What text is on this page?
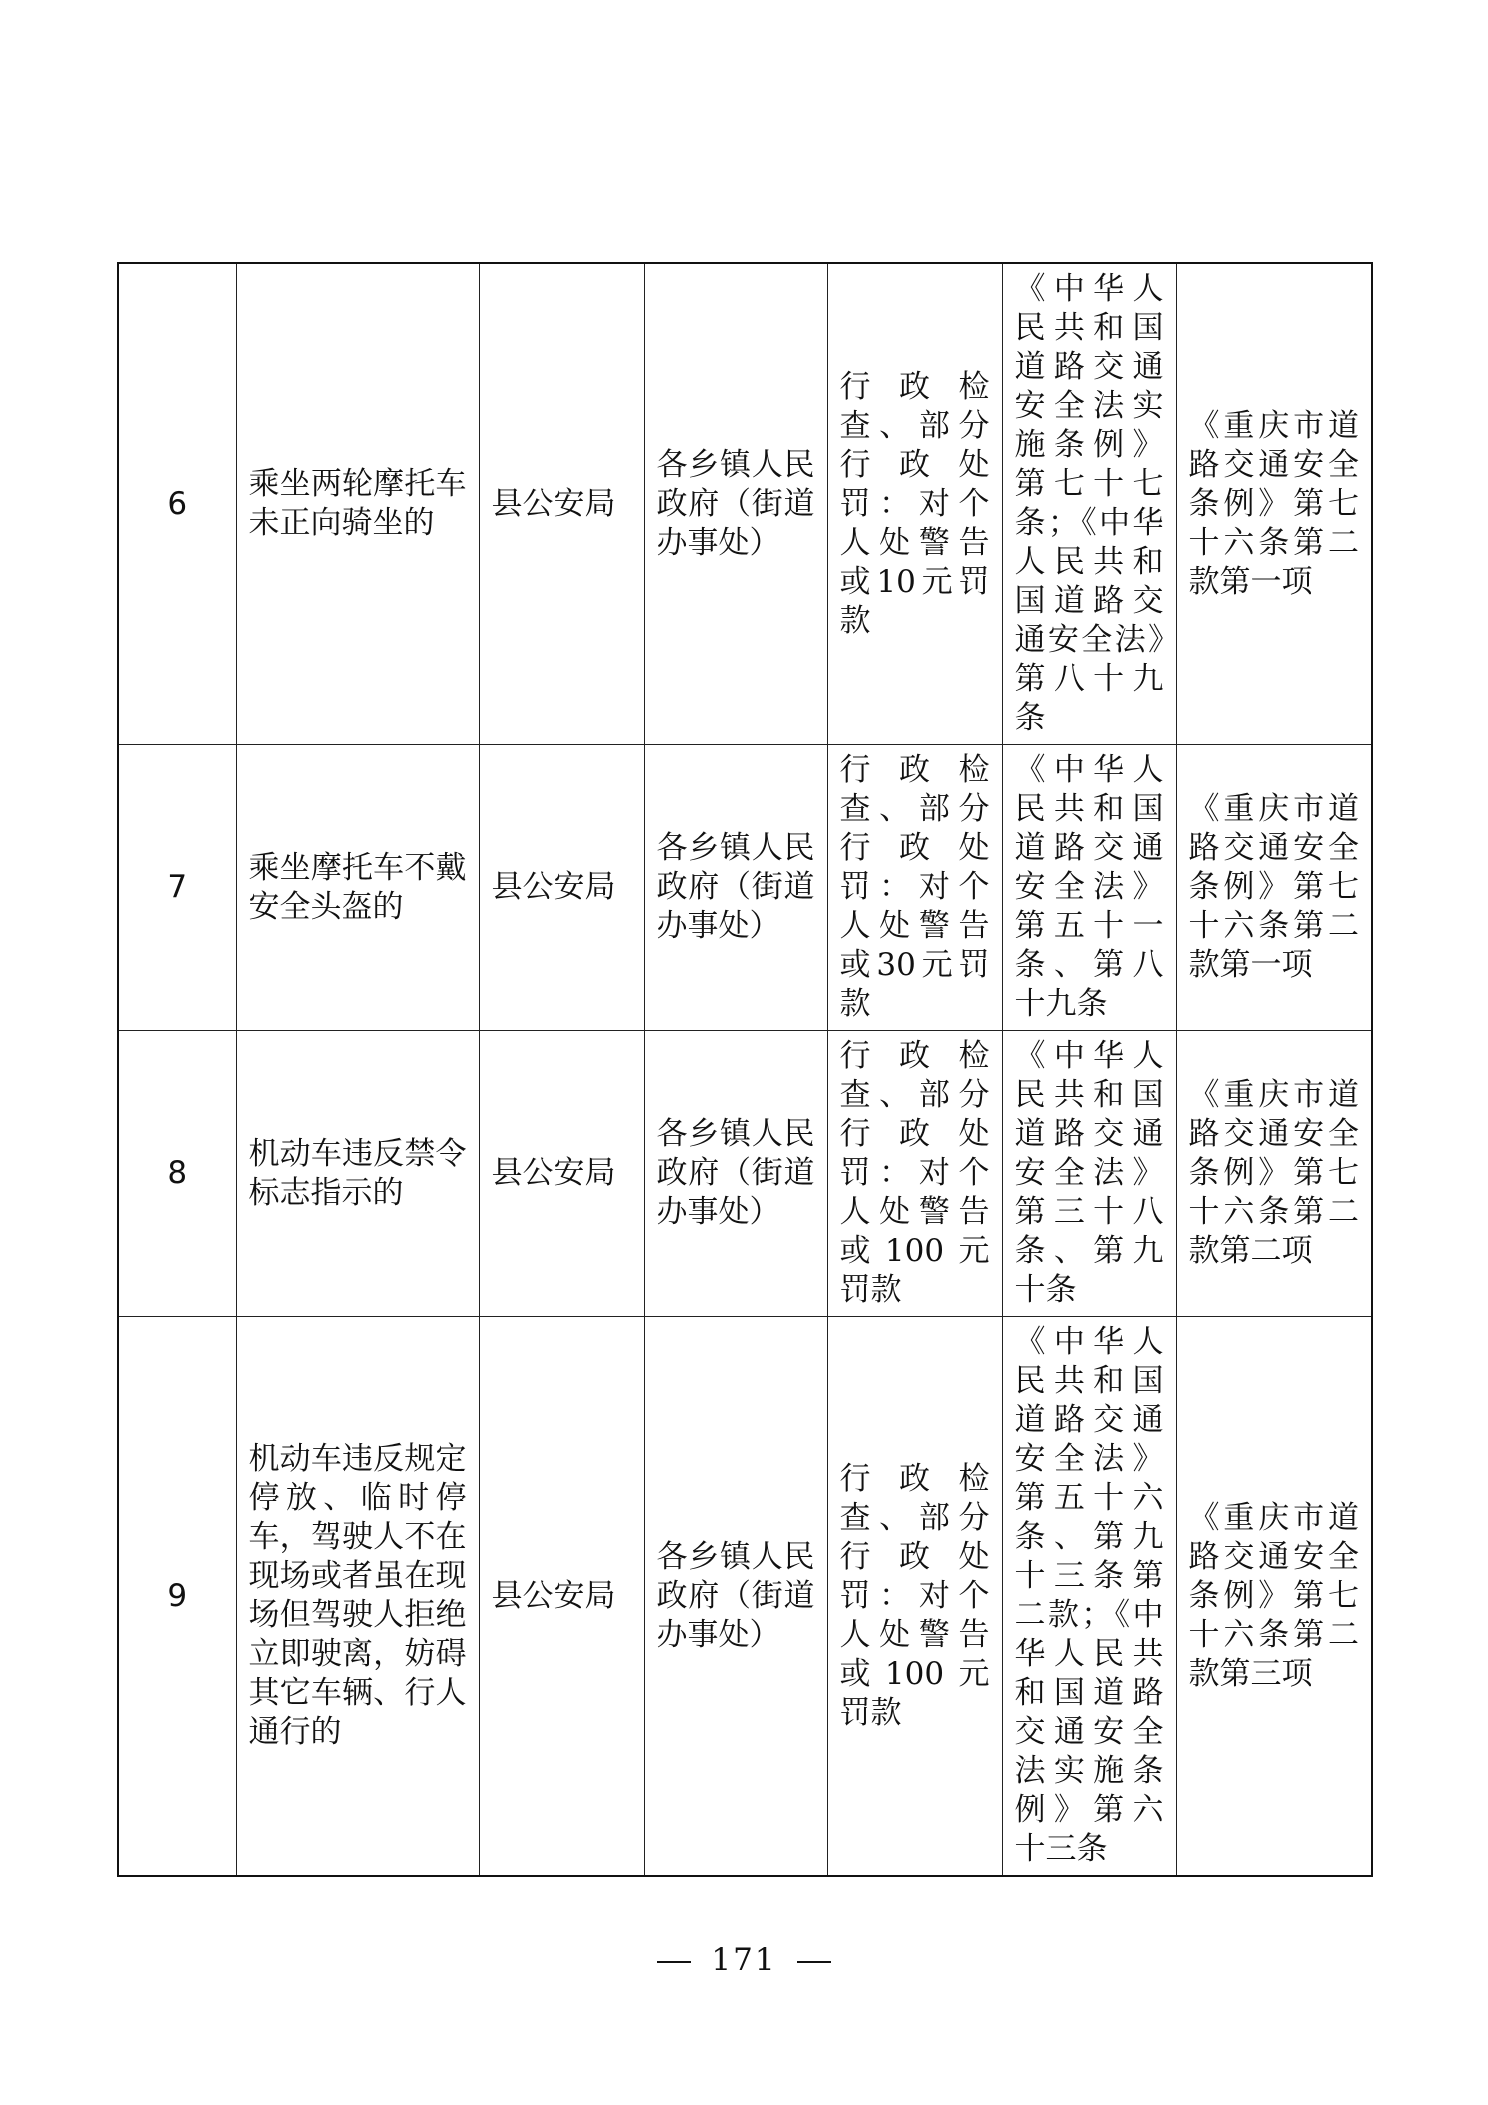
6	乘坐两轮摩托车未正向骑坐的	县公安局	各乡镇人民政府（街道办事处）	行政检查、部分行政处罚：对个人处警告或10元罚款	《中华人民共和国道路交通安全法实施条例》第七十七条；《中华人民共和国道路交通安全法》第八十九条	《重庆市道路交通安全条例》第七十六条第二款第一项
7	乘坐摩托车不戴安全头盔的	县公安局	各乡镇人民政府（街道办事处）	行政检查、部分行政处罚：对个人处警告或30元罚款	《中华人民共和国道路交通安全法》第五十一条、第八十九条	《重庆市道路交通安全条例》第七十六条第二款第一项
8	机动车违反禁令标志指示的	县公安局	各乡镇人民政府（街道办事处）	行政检查、部分行政处罚：对个人处警告或100元罚款	《中华人民共和国道路交通安全法》第三十八条、第九十条	《重庆市道路交通安全条例》第七十六条第二款第二项
9	机动车违反规定停放、临时停车，驾驶人不在现场或者虽在现场但驾驶人拒绝立即驶离，妨碍其它车辆、行人通行的	县公安局	各乡镇人民政府（街道办事处）	行政检查、部分行政处罚：对个人处警告或100元罚款	《中华人民共和国道路交通安全法》第五十六条、第九十三条第二款；《中华人民共和国道路交通安全法实施条例》第六十三条	《重庆市道路交通安全条例》第七十六条第二款第三项
171
